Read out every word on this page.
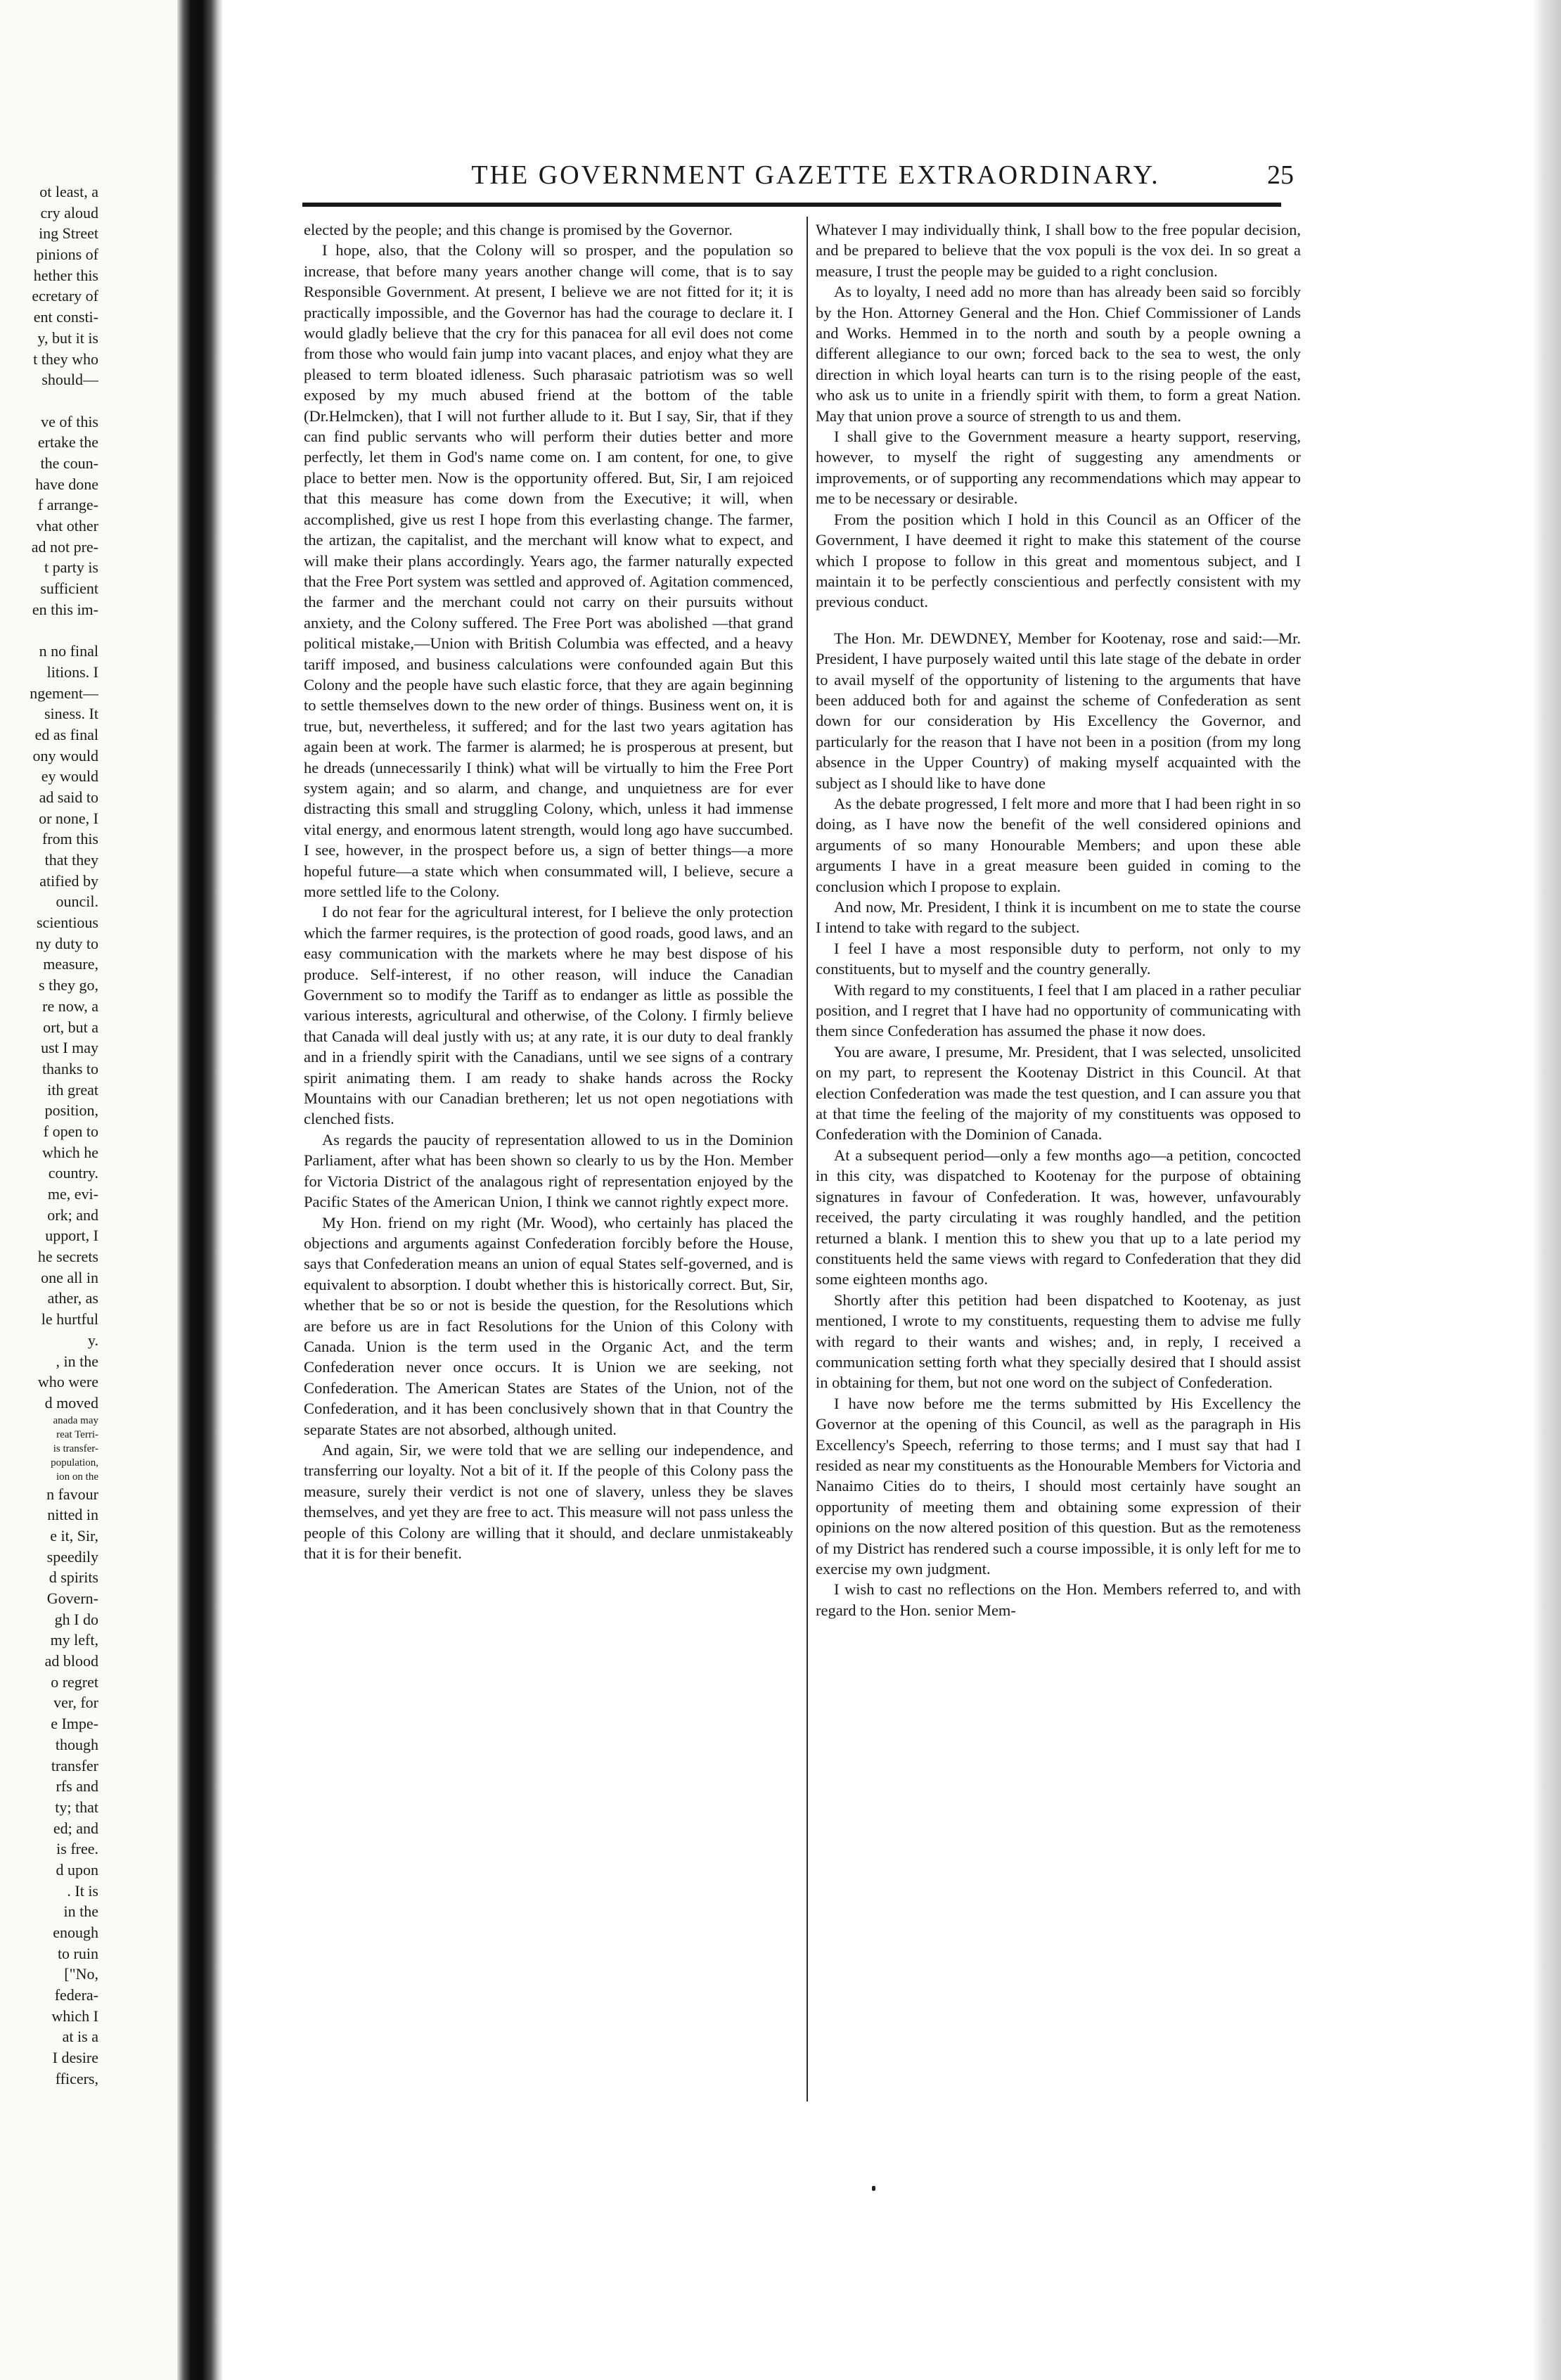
ot least, a
cry aloud
ing Street
pinions of
hether this
ecretary of
ent consti-
y, but it is
t they who
should—
ve of this
ertake the
the coun-
have done
f arrange-
vhat other
ad not pre-
t party is
sufficient
en this im-
n no final
litions. I
ngement—
siness. It
ed as final
ony would
ey would
ad said to
or none, I
from this
that they
atified by
ouncil.
scientious
ny duty to
measure,
s they go,
re now, a
ort, but a
ust I may
thanks to
ith great
position,
f open to
which he
country.
me, evi-
ork; and
upport, I
he secrets
one all in
ather, as
le hurtful
y.
, in the
who were
d moved
anada may
reat Terri-
is transfer-
population,
ion on the
n favour
nitted in
e it, Sir,
speedily
d spirits
Govern-
gh I do
my left,
ad blood
o regret
ver, for
e Impe-
though
transfer
rfs and
ty; that
ed; and
is free.
d upon
. It is
in the
enough
to ruin
["No,
federa-
which I
at is a
I desire
fficers,
THE GOVERNMENT GAZETTE EXTRAORDINARY.	25

elected by the people; and this change is promised by the Governor.

I hope, also, that the Colony will so prosper, and the population so increase, that before many years another change will come, that is to say Responsible Government. At present, I believe we are not fitted for it; it is practically impossible, and the Governor has had the courage to declare it. I would gladly believe that the cry for this panacea for all evil does not come from those who would fain jump into vacant places, and enjoy what they are pleased to term bloated idleness. Such pharasaic patriotism was so well exposed by my much abused friend at the bottom of the table (Dr.Helmcken), that I will not further allude to it. But I say, Sir, that if they can find public servants who will perform their duties better and more perfectly, let them in God's name come on. I am content, for one, to give place to better men. Now is the opportunity offered. But, Sir, I am rejoiced that this measure has come down from the Executive; it will, when accomplished, give us rest I hope from this everlasting change. The farmer, the artizan, the capitalist, and the merchant will know what to expect, and will make their plans accordingly. Years ago, the farmer naturally expected that the Free Port system was settled and approved of. Agitation commenced, the farmer and the merchant could not carry on their pursuits without anxiety, and the Colony suffered. The Free Port was abolished —that grand political mistake,—Union with British Columbia was effected, and a heavy tariff imposed, and business calculations were confounded again But this Colony and the people have such elastic force, that they are again beginning to settle themselves down to the new order of things. Business went on, it is true, but, nevertheless, it suffered; and for the last two years agitation has again been at work. The farmer is alarmed; he is prosperous at present, but he dreads (unnecessarily I think) what will be virtually to him the Free Port system again; and so alarm, and change, and unquietness are for ever distracting this small and struggling Colony, which, unless it had immense vital energy, and enormous latent strength, would long ago have succumbed. I see, however, in the prospect before us, a sign of better things—a more hopeful future—a state which when consummated will, I believe, secure a more settled life to the Colony.

I do not fear for the agricultural interest, for I believe the only protection which the farmer requires, is the protection of good roads, good laws, and an easy communication with the markets where he may best dispose of his produce. Self-interest, if no other reason, will induce the Canadian Government so to modify the Tariff as to endanger as little as possible the various interests, agricultural and otherwise, of the Colony. I firmly believe that Canada will deal justly with us; at any rate, it is our duty to deal frankly and in a friendly spirit with the Canadians, until we see signs of a contrary spirit animating them. I am ready to shake hands across the Rocky Mountains with our Canadian bretheren; let us not open negotiations with clenched fists.

As regards the paucity of representation allowed to us in the Dominion Parliament, after what has been shown so clearly to us by the Hon. Member for Victoria District of the analagous right of representation enjoyed by the Pacific States of the American Union, I think we cannot rightly expect more.

My Hon. friend on my right (Mr. Wood), who certainly has placed the objections and arguments against Confederation forcibly before the House, says that Confederation means an union of equal States self-governed, and is equivalent to absorption. I doubt whether this is historically correct. But, Sir, whether that be so or not is beside the question, for the Resolutions which are before us are in fact Resolutions for the Union of this Colony with Canada. Union is the term used in the Organic Act, and the term Confederation never once occurs. It is Union we are seeking, not Confederation. The American States are States of the Union, not of the Confederation, and it has been conclusively shown that in that Country the separate States are not absorbed, although united.

And again, Sir, we were told that we are selling our independence, and transferring our loyalty. Not a bit of it. If the people of this Colony pass the measure, surely their verdict is not one of slavery, unless they be slaves themselves, and yet they are free to act. This measure will not pass unless the people of this Colony are willing that it should, and declare unmistakeably that it is for their benefit.

Whatever I may individually think, I shall bow to the free popular decision, and be prepared to believe that the vox populi is the vox dei. In so great a measure, I trust the people may be guided to a right conclusion.

As to loyalty, I need add no more than has already been said so forcibly by the Hon. Attorney General and the Hon. Chief Commissioner of Lands and Works. Hemmed in to the north and south by a people owning a different allegiance to our own; forced back to the sea to west, the only direction in which loyal hearts can turn is to the rising people of the east, who ask us to unite in a friendly spirit with them, to form a great Nation. May that union prove a source of strength to us and them.

I shall give to the Government measure a hearty support, reserving, however, to myself the right of suggesting any amendments or improvements, or of supporting any recommendations which may appear to me to be necessary or desirable.

From the position which I hold in this Council as an Officer of the Government, I have deemed it right to make this statement of the course which I propose to follow in this great and momentous subject, and I maintain it to be perfectly conscientious and perfectly consistent with my previous conduct.

The Hon. Mr. DEWDNEY, Member for Kootenay, rose and said:—Mr. President, I have purposely waited until this late stage of the debate in order to avail myself of the opportunity of listening to the arguments that have been adduced both for and against the scheme of Confederation as sent down for our consideration by His Excellency the Governor, and particularly for the reason that I have not been in a position (from my long absence in the Upper Country) of making myself acquainted with the subject as I should like to have done

As the debate progressed, I felt more and more that I had been right in so doing, as I have now the benefit of the well considered opinions and arguments of so many Honourable Members; and upon these able arguments I have in a great measure been guided in coming to the conclusion which I propose to explain.

And now, Mr. President, I think it is incumbent on me to state the course I intend to take with regard to the subject.

I feel I have a most responsible duty to perform, not only to my constituents, but to myself and the country generally.

With regard to my constituents, I feel that I am placed in a rather peculiar position, and I regret that I have had no opportunity of communicating with them since Confederation has assumed the phase it now does.

You are aware, I presume, Mr. President, that I was selected, unsolicited on my part, to represent the Kootenay District in this Council. At that election Confederation was made the test question, and I can assure you that at that time the feeling of the majority of my constituents was opposed to Confederation with the Dominion of Canada.

At a subsequent period—only a few months ago—a petition, concocted in this city, was dispatched to Kootenay for the purpose of obtaining signatures in favour of Confederation. It was, however, unfavourably received, the party circulating it was roughly handled, and the petition returned a blank. I mention this to shew you that up to a late period my constituents held the same views with regard to Confederation that they did some eighteen months ago.

Shortly after this petition had been dispatched to Kootenay, as just mentioned, I wrote to my constituents, requesting them to advise me fully with regard to their wants and wishes; and, in reply, I received a communication setting forth what they specially desired that I should assist in obtaining for them, but not one word on the subject of Confederation.

I have now before me the terms submitted by His Excellency the Governor at the opening of this Council, as well as the paragraph in His Excellency's Speech, referring to those terms; and I must say that had I resided as near my constituents as the Honourable Members for Victoria and Nanaimo Cities do to theirs, I should most certainly have sought an opportunity of meeting them and obtaining some expression of their opinions on the now altered position of this question. But as the remoteness of my District has rendered such a course impossible, it is only left for me to exercise my own judgment.

I wish to cast no reflections on the Hon. Members referred to, and with regard to the Hon. senior Mem-
